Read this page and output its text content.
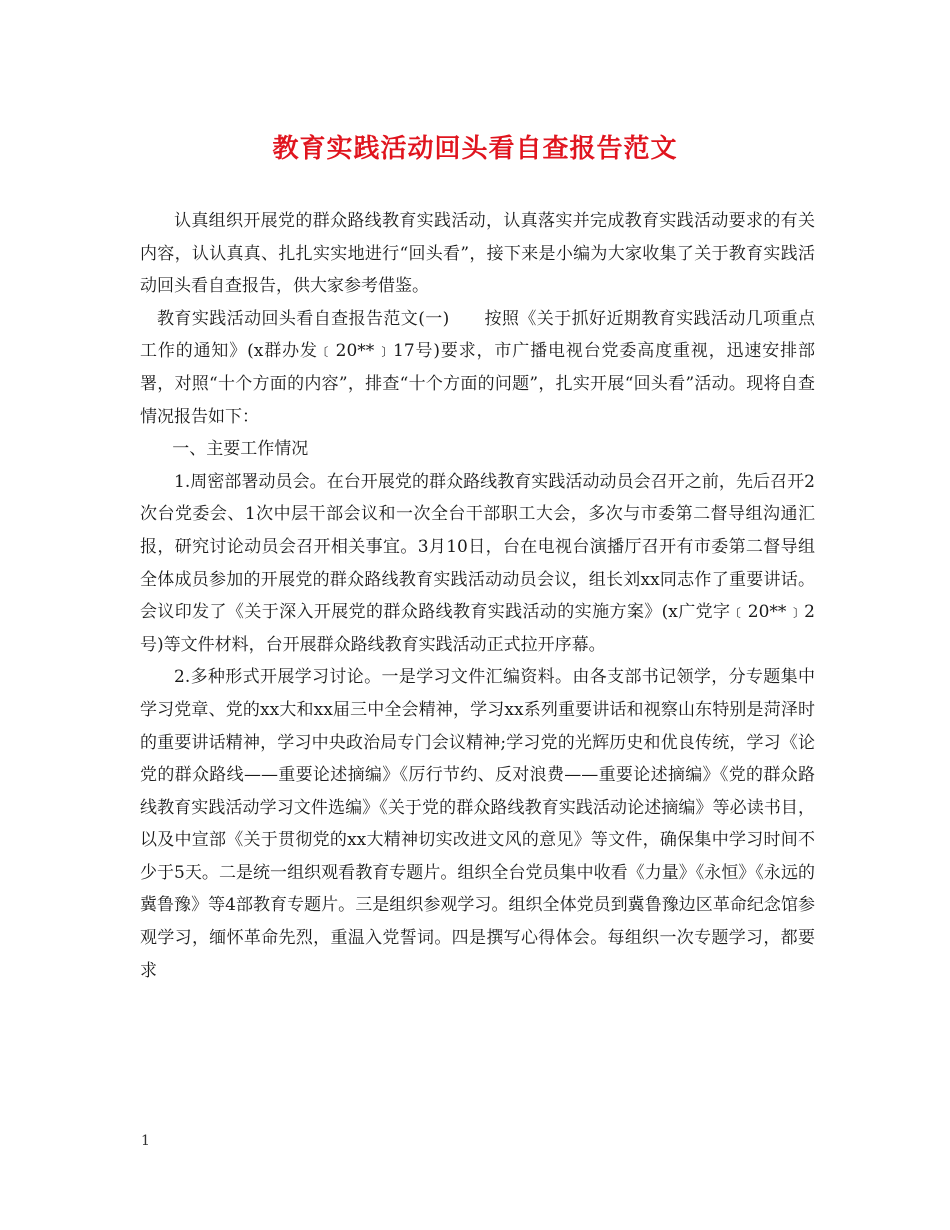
教育实践活动回头看自查报告范文

认真组织开展党的群众路线教育实践活动，认真落实并完成教育实践活动要求的有关内容，认认真真、扎扎实实地进行“回头看”，接下来是小编为大家收集了关于教育实践活动回头看自查报告，供大家参考借鉴。

教育实践活动回头看自查报告范文(一)　　按照《关于抓好近期教育实践活动几项重点工作的通知》(x群办发﹝20**﹞17号)要求，市广播电视台党委高度重视，迅速安排部署，对照“十个方面的内容”，排查“十个方面的问题”，扎实开展“回头看”活动。现将自查情况报告如下：

一、主要工作情况

1.周密部署动员会。在台开展党的群众路线教育实践活动动员会召开之前，先后召开2次台党委会、1次中层干部会议和一次全台干部职工大会，多次与市委第二督导组沟通汇报，研究讨论动员会召开相关事宜。3月10日，台在电视台演播厅召开有市委第二督导组全体成员参加的开展党的群众路线教育实践活动动员会议，组长刘xx同志作了重要讲话。会议印发了《关于深入开展党的群众路线教育实践活动的实施方案》(x广党字﹝20**﹞2号)等文件材料，台开展群众路线教育实践活动正式拉开序幕。

2.多种形式开展学习讨论。一是学习文件汇编资料。由各支部书记领学，分专题集中学习党章、党的xx大和xx届三中全会精神，学习xx系列重要讲话和视察山东特别是菏泽时的重要讲话精神，学习中央政治局专门会议精神;学习党的光辉历史和优良传统，学习《论党的群众路线——重要论述摘编》《厉行节约、反对浪费——重要论述摘编》《党的群众路线教育实践活动学习文件选编》《关于党的群众路线教育实践活动论述摘编》等必读书目，以及中宣部《关于贯彻党的xx大精神切实改进文风的意见》等文件，确保集中学习时间不少于5天。二是统一组织观看教育专题片。组织全台党员集中收看《力量》《永恒》《永远的冀鲁豫》等4部教育专题片。三是组织参观学习。组织全体党员到冀鲁豫边区革命纪念馆参观学习，缅怀革命先烈，重温入党誓词。四是撰写心得体会。每组织一次专题学习，都要求

1
